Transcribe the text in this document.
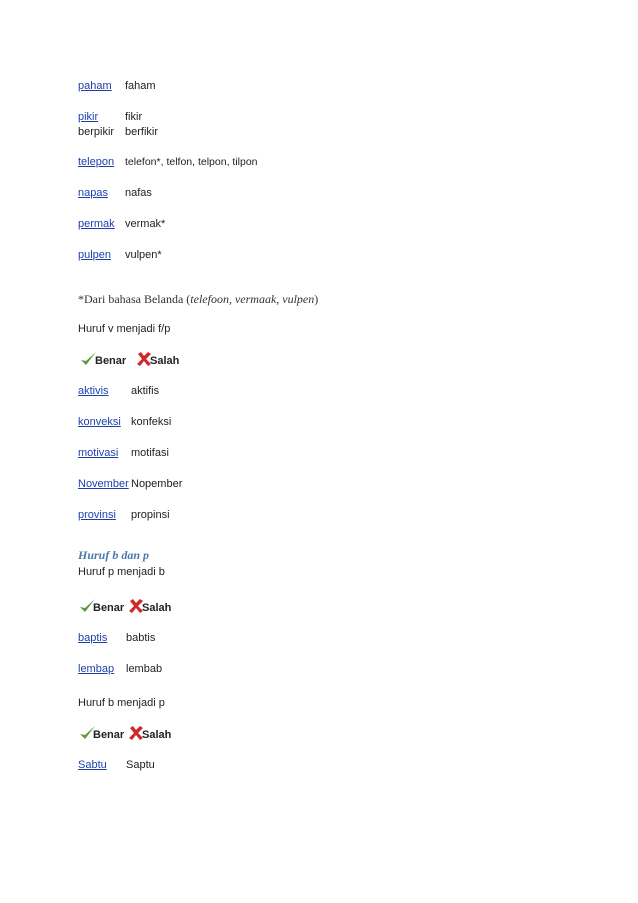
paham faham
pikir fikir
berpikir berfikir
telepon telefon*, telfon, telpon, tilpon
napas nafas
permak vermak*
pulpen vulpen*
*Dari bahasa Belanda (telefoon, vermaak, vulpen)
Huruf v menjadi f/p
Benar Salah
aktivis aktifis
konveksi konfeksi
motivasi motifasi
November Nopember
provinsi propinsi
Huruf b dan p
Huruf p menjadi b
Benar Salah
baptis babtis
lembap lembab
Huruf b menjadi p
Benar Salah
Sabtu Saptu
